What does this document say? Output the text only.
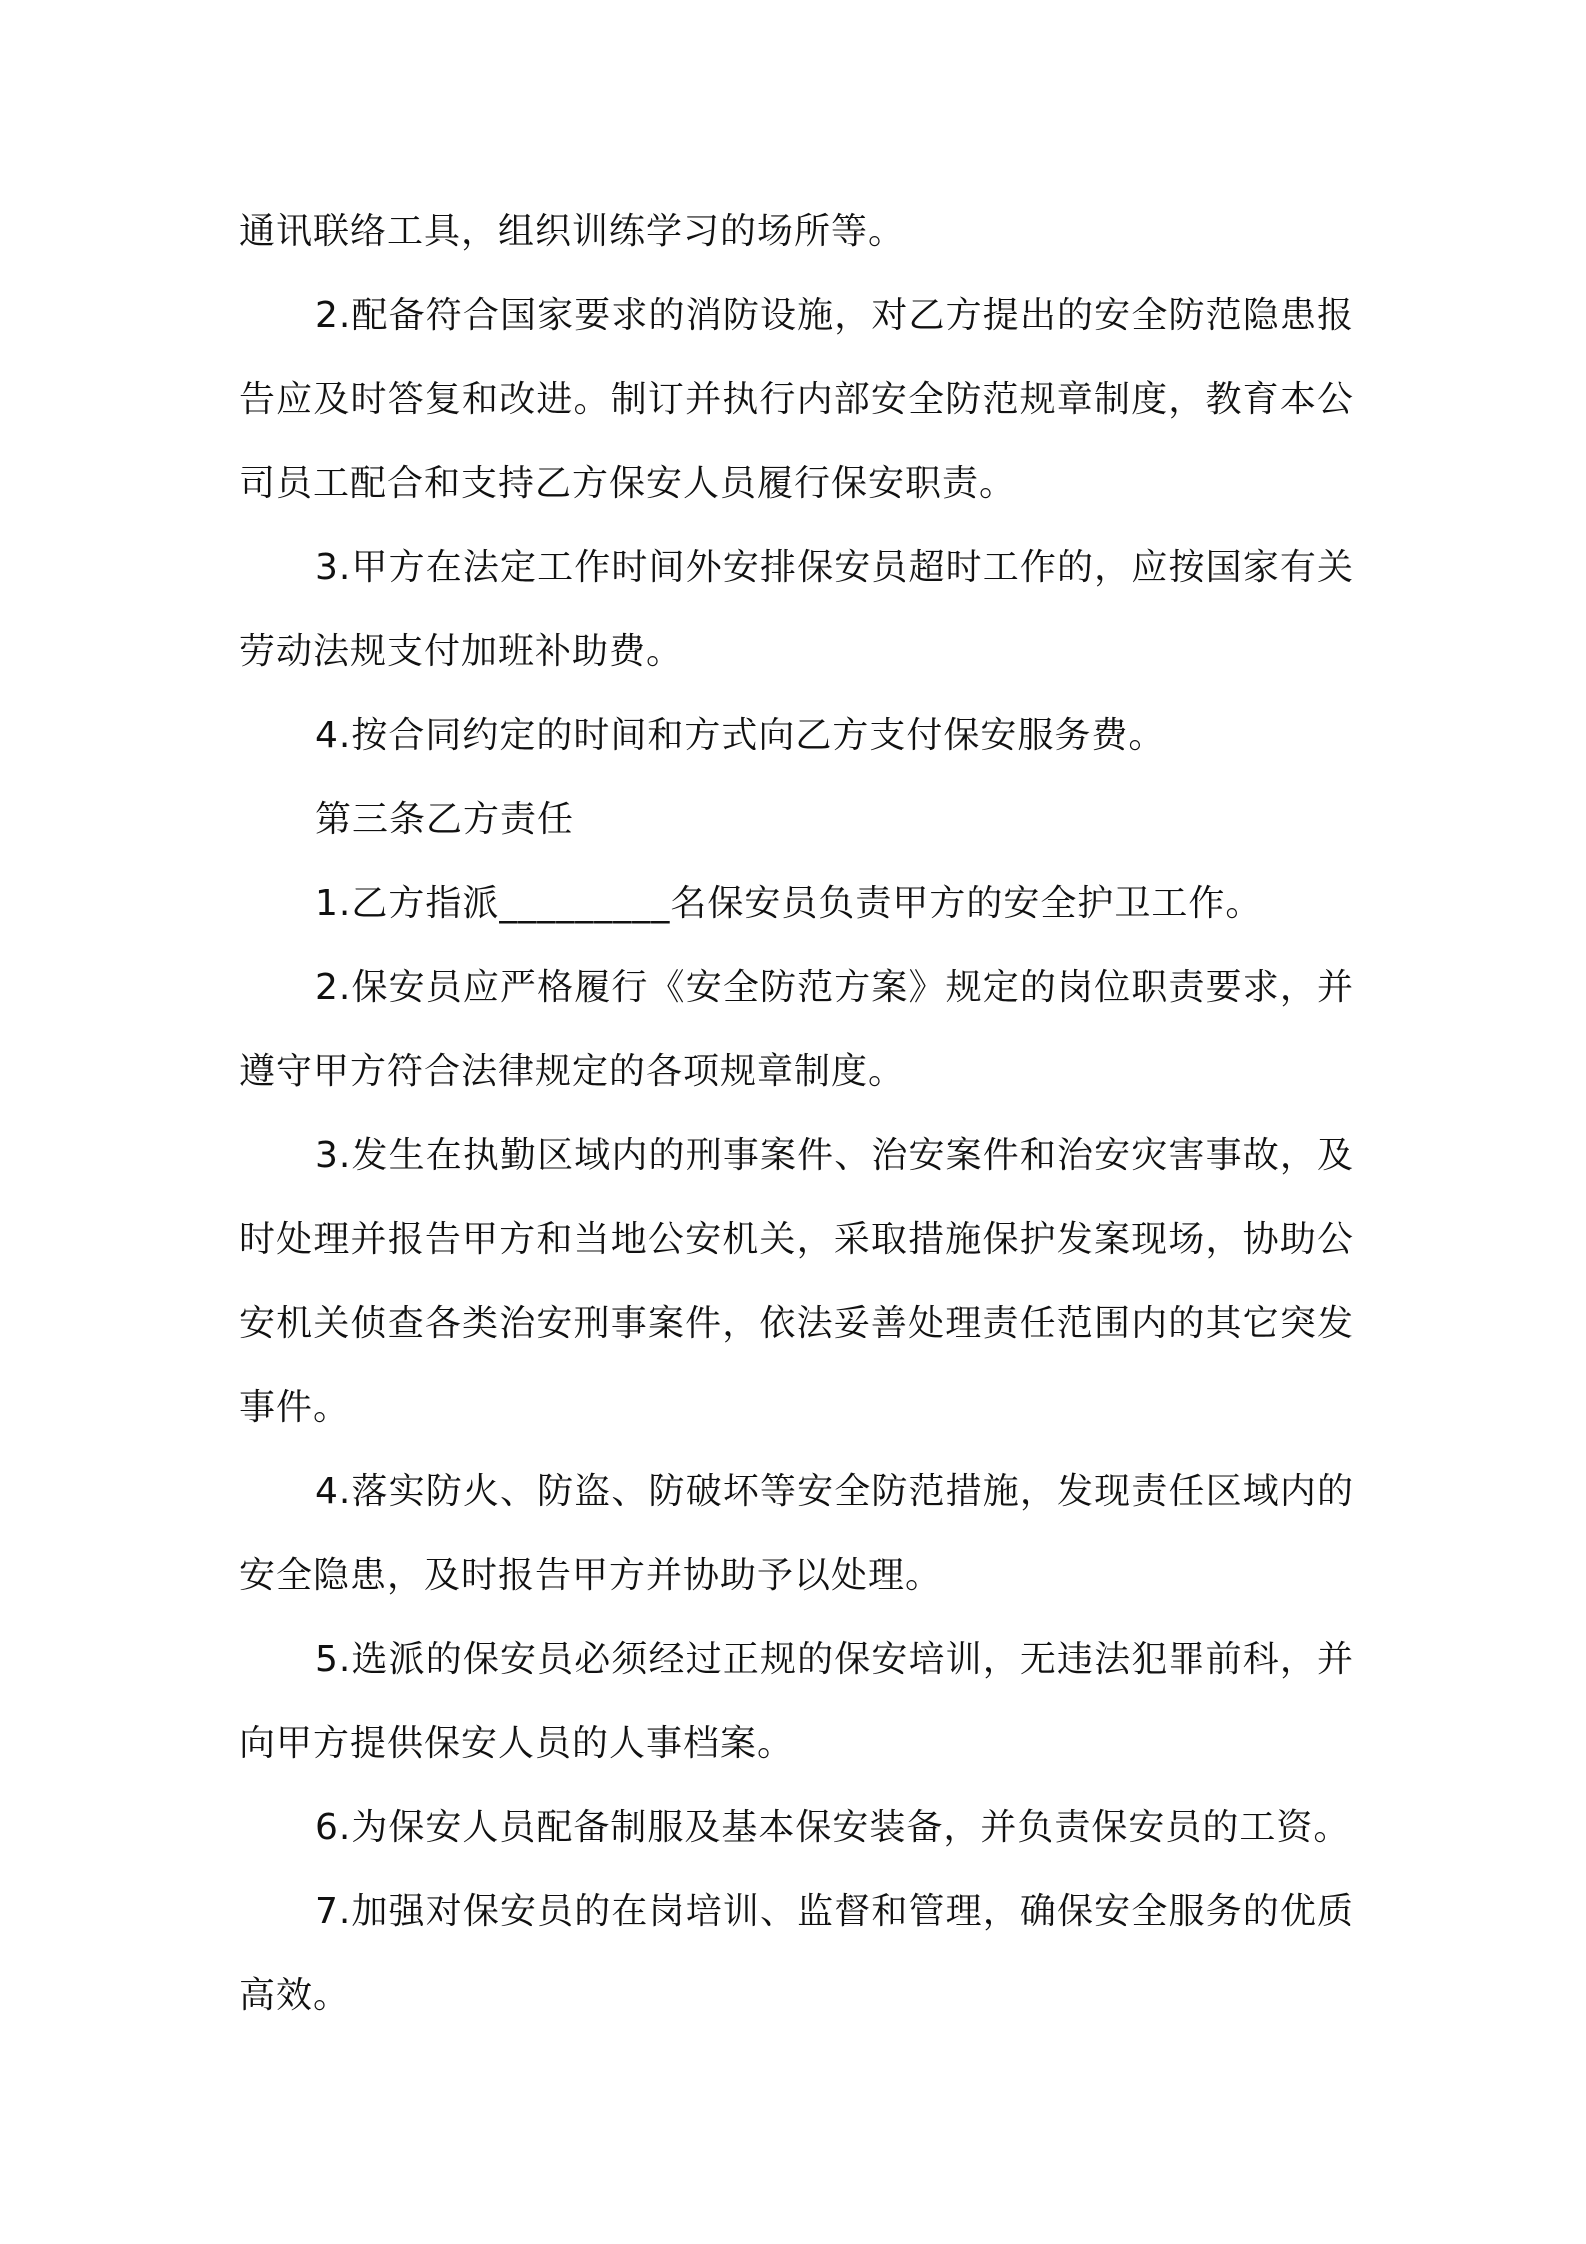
通讯联络工具，组织训练学习的场所等。

2.配备符合国家要求的消防设施，对乙方提出的安全防范隐患报告应及时答复和改进。制订并执行内部安全防范规章制度，教育本公司员工配合和支持乙方保安人员履行保安职责。

3.甲方在法定工作时间外安排保安员超时工作的，应按国家有关劳动法规支付加班补助费。

4.按合同约定的时间和方式向乙方支付保安服务费。

第三条乙方责任

1.乙方指派_________名保安员负责甲方的安全护卫工作。

2.保安员应严格履行《安全防范方案》规定的岗位职责要求，并遵守甲方符合法律规定的各项规章制度。

3.发生在执勤区域内的刑事案件、治安案件和治安灾害事故，及时处理并报告甲方和当地公安机关，采取措施保护发案现场，协助公安机关侦查各类治安刑事案件，依法妥善处理责任范围内的其它突发事件。

4.落实防火、防盗、防破坏等安全防范措施，发现责任区域内的安全隐患，及时报告甲方并协助予以处理。

5.选派的保安员必须经过正规的保安培训，无违法犯罪前科，并向甲方提供保安人员的人事档案。

6.为保安人员配备制服及基本保安装备，并负责保安员的工资。

7.加强对保安员的在岗培训、监督和管理，确保安全服务的优质高效。
